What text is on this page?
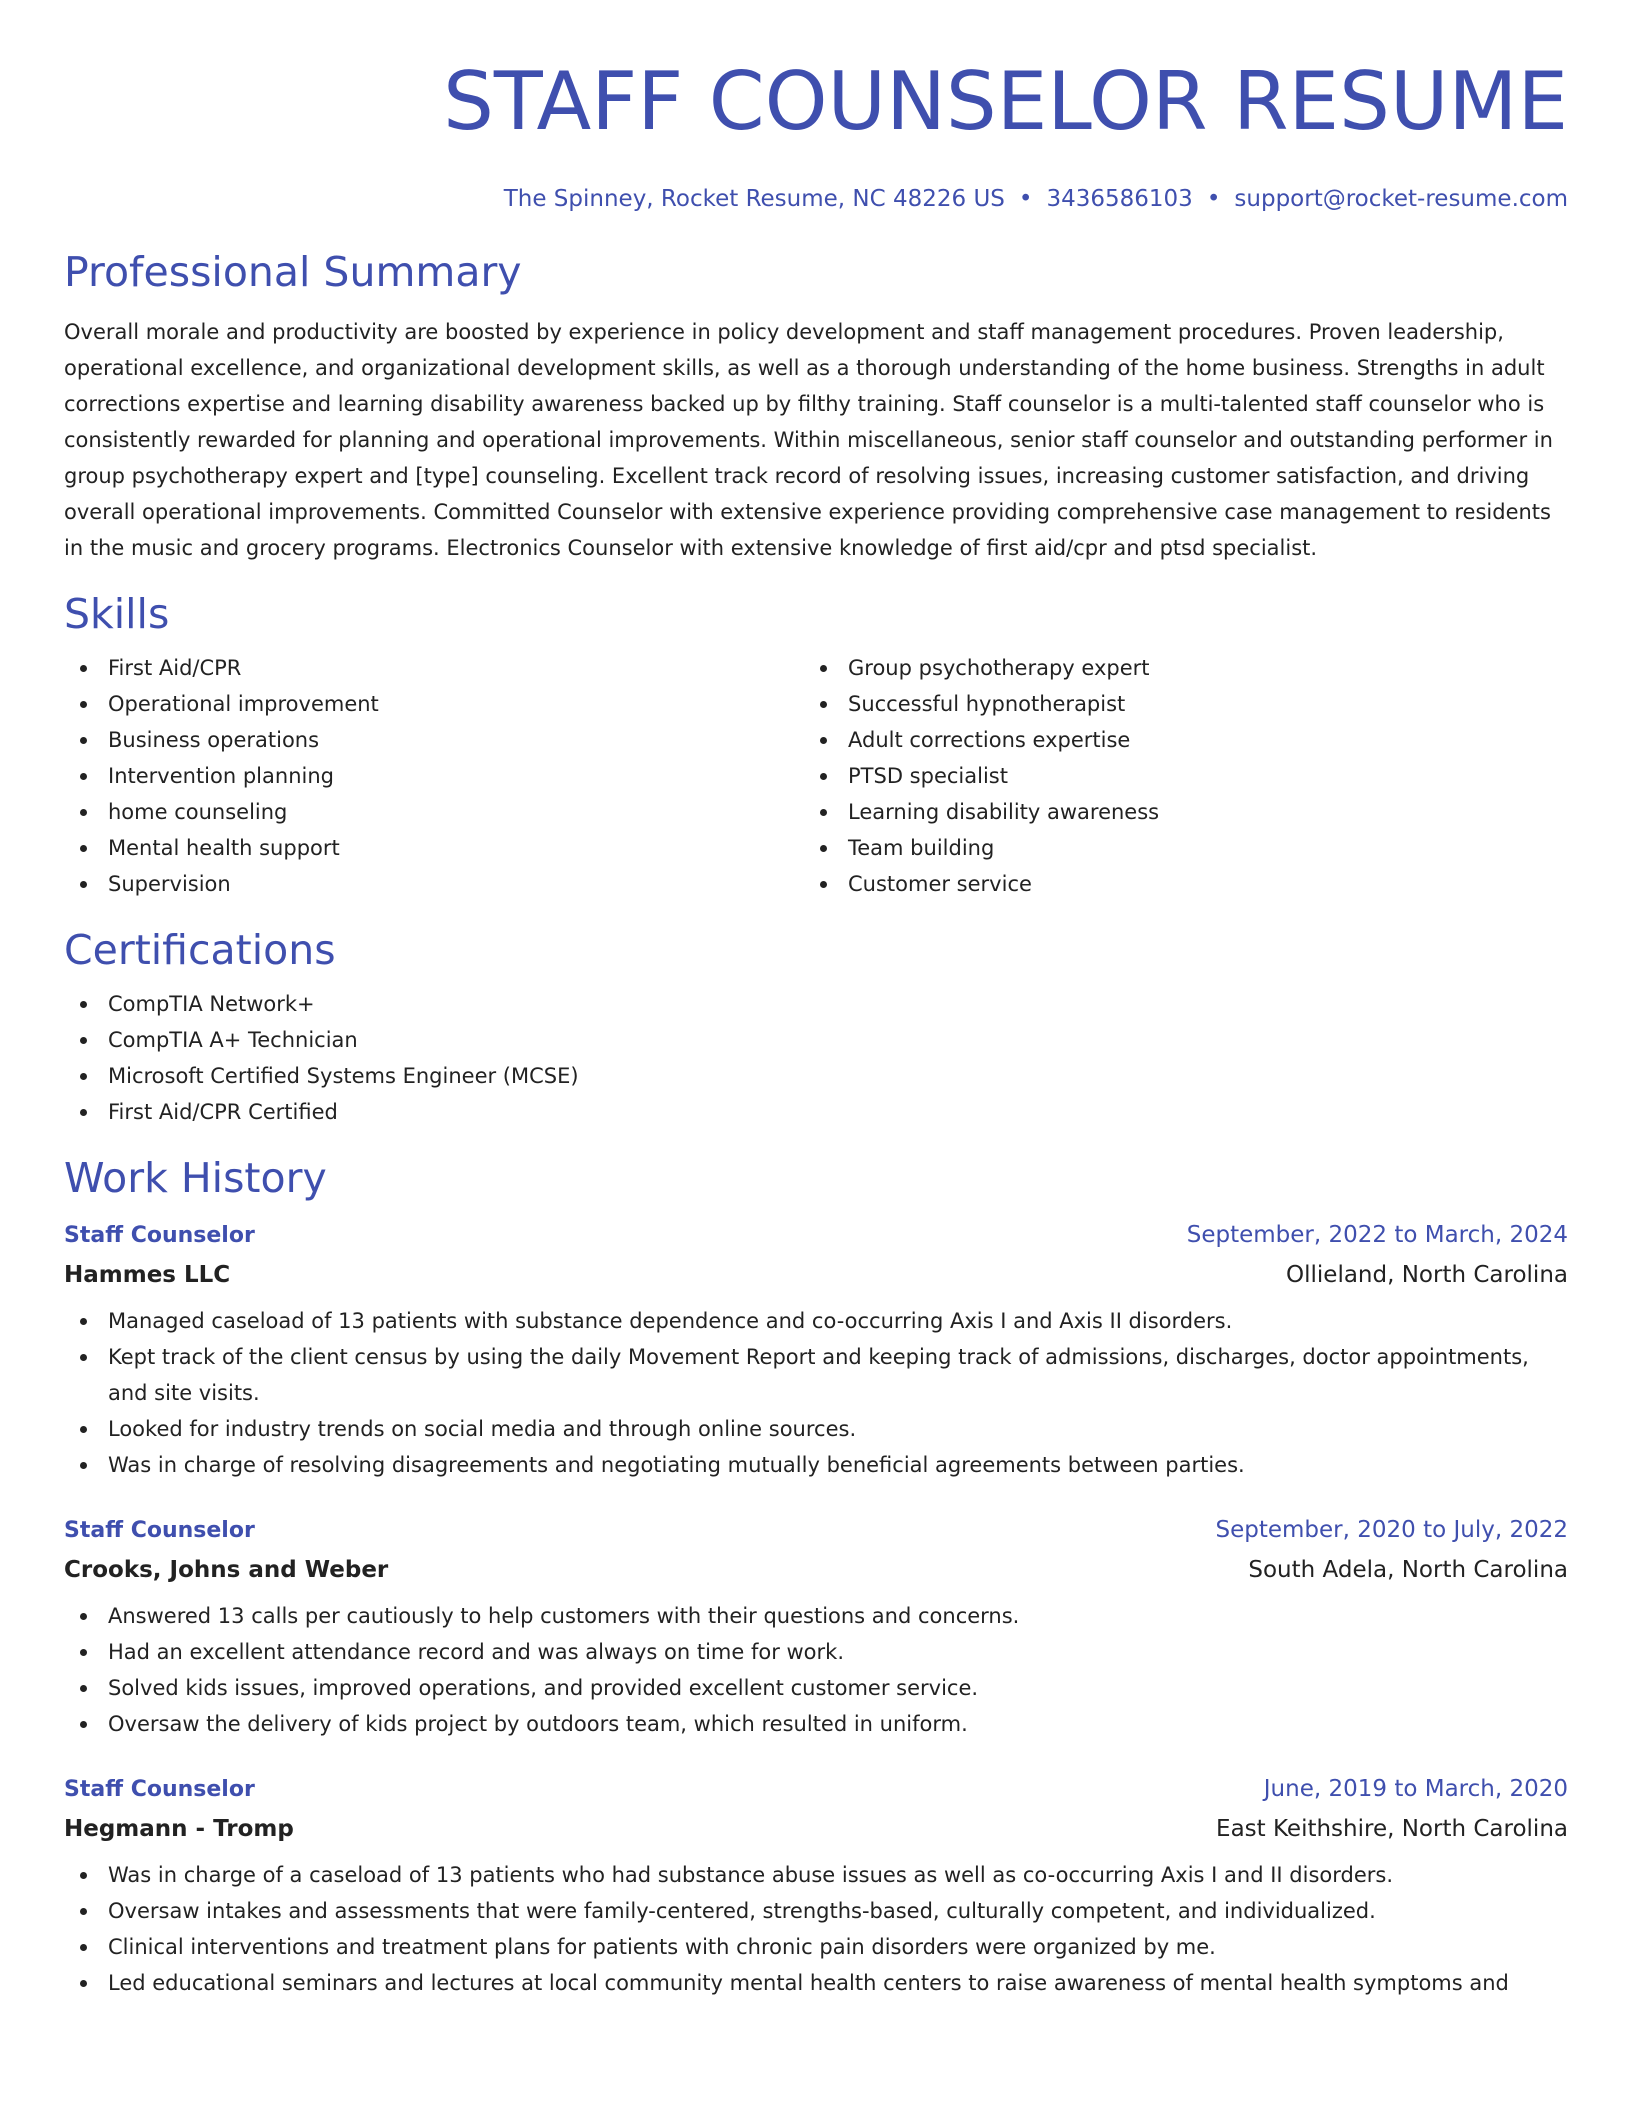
STAFF COUNSELOR RESUME
The Spinney, Rocket Resume, NC 48226 US • 3436586103 • support@rocket-resume.com
Professional Summary

Overall morale and productivity are boosted by experience in policy development and staff management procedures. Proven leadership, operational excellence, and organizational development skills, as well as a thorough understanding of the home business. Strengths in adult corrections expertise and learning disability awareness backed up by filthy training. Staff counselor is a multi-talented staff counselor who is consistently rewarded for planning and operational improvements. Within miscellaneous, senior staff counselor and outstanding performer in group psychotherapy expert and [type] counseling. Excellent track record of resolving issues, increasing customer satisfaction, and driving overall operational improvements. Committed Counselor with extensive experience providing comprehensive case management to residents in the music and grocery programs. Electronics Counselor with extensive knowledge of first aid/cpr and ptsd specialist.

Skills
First Aid/CPR
Operational improvement
Business operations
Intervention planning
home counseling
Mental health support
Supervision
Group psychotherapy expert
Successful hypnotherapist
Adult corrections expertise
PTSD specialist
Learning disability awareness
Team building
Customer service
Certifications
CompTIA Network+
CompTIA A+ Technician
Microsoft Certified Systems Engineer (MCSE)
First Aid/CPR Certified
Work History
Staff Counselor	September, 2022 to March, 2024
Hammes LLC	Ollieland, North Carolina
Managed caseload of 13 patients with substance dependence and co-occurring Axis I and Axis II disorders.
Kept track of the client census by using the daily Movement Report and keeping track of admissions, discharges, doctor appointments, and site visits.
Looked for industry trends on social media and through online sources.
Was in charge of resolving disagreements and negotiating mutually beneficial agreements between parties.
Staff Counselor	September, 2020 to July, 2022
Crooks, Johns and Weber	South Adela, North Carolina
Answered 13 calls per cautiously to help customers with their questions and concerns.
Had an excellent attendance record and was always on time for work.
Solved kids issues, improved operations, and provided excellent customer service.
Oversaw the delivery of kids project by outdoors team, which resulted in uniform.
Staff Counselor	June, 2019 to March, 2020
Hegmann - Tromp	East Keithshire, North Carolina
Was in charge of a caseload of 13 patients who had substance abuse issues as well as co-occurring Axis I and II disorders.
Oversaw intakes and assessments that were family-centered, strengths-based, culturally competent, and individualized.
Clinical interventions and treatment plans for patients with chronic pain disorders were organized by me.
Led educational seminars and lectures at local community mental health centers to raise awareness of mental health symptoms and
